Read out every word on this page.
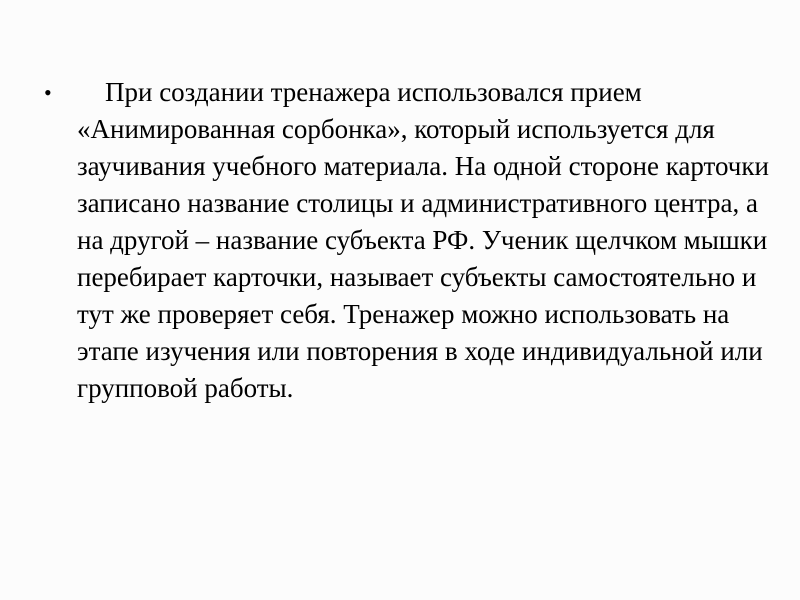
•	При создании тренажера использовался прием «Анимированная сорбонка», который используется для заучивания учебного материала. На одной стороне карточки записано название столицы и административного центра, а на другой – название субъекта РФ. Ученик щелчком мышки перебирает карточки, называет субъекты самостоятельно и тут же проверяет себя. Тренажер можно использовать на этапе изучения или повторения в ходе индивидуальной или групповой работы.
